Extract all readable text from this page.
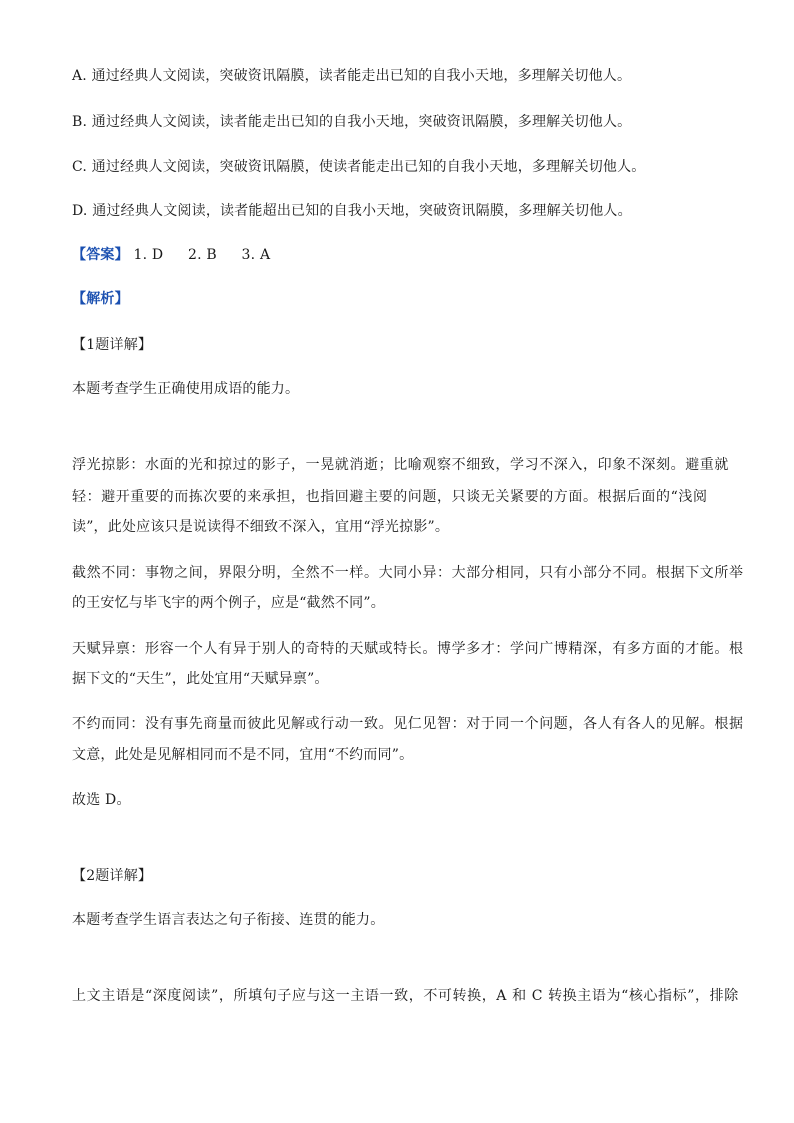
A. 通过经典人文阅读，突破资讯隔膜，读者能走出已知的自我小天地，多理解关切他人。
B. 通过经典人文阅读，读者能走出已知的自我小天地，突破资讯隔膜，多理解关切他人。
C. 通过经典人文阅读，突破资讯隔膜，使读者能走出已知的自我小天地，多理解关切他人。
D. 通过经典人文阅读，读者能超出已知的自我小天地，突破资讯隔膜，多理解关切他人。
【答案】 1. D 2. B 3. A
【解析】
【1题详解】
本题考查学生正确使用成语的能力。
浮光掠影：水面的光和掠过的影子，一晃就消逝；比喻观察不细致，学习不深入，印象不深刻。避重就
轻：避开重要的而拣次要的来承担，也指回避主要的问题，只谈无关紧要的方面。根据后面的“浅阅
读”，此处应该只是说读得不细致不深入，宜用“浮光掠影”。
截然不同：事物之间，界限分明，全然不一样。大同小异：大部分相同，只有小部分不同。根据下文所举
的王安忆与毕飞宇的两个例子，应是“截然不同”。
天赋异禀：形容一个人有异于别人的奇特的天赋或特长。博学多才：学问广博精深，有多方面的才能。根
据下文的“天生”，此处宜用“天赋异禀”。
不约而同：没有事先商量而彼此见解或行动一致。见仁见智：对于同一个问题，各人有各人的见解。根据
文意，此处是见解相同而不是不同，宜用“不约而同”。
故选 D。
【2题详解】
本题考查学生语言表达之句子衔接、连贯的能力。
上文主语是“深度阅读”，所填句子应与这一主语一致，不可转换，A 和 C 转换主语为“核心指标”，排除
